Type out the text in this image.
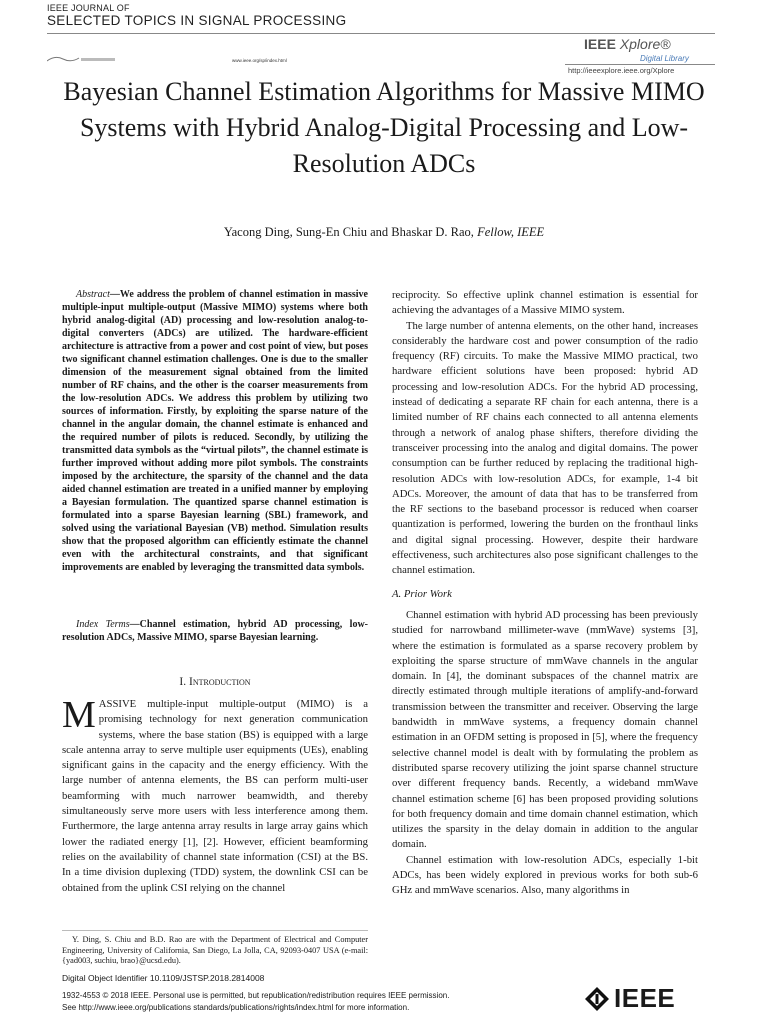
IEEE JOURNAL OF
SELECTED TOPICS IN SIGNAL PROCESSING
www.ieee.org/sp/index.html
IEEE Xplore®
Digital Library
http://ieeexplore.ieee.org/Xplore
Bayesian Channel Estimation Algorithms for Massive MIMO Systems with Hybrid Analog-Digital Processing and Low-Resolution ADCs
Yacong Ding, Sung-En Chiu and Bhaskar D. Rao, Fellow, IEEE
Abstract—We address the problem of channel estimation in massive multiple-input multiple-output (Massive MIMO) systems where both hybrid analog-digital (AD) processing and low-resolution analog-to-digital converters (ADCs) are utilized. The hardware-efficient architecture is attractive from a power and cost point of view, but poses two significant channel estimation challenges. One is due to the smaller dimension of the measurement signal obtained from the limited number of RF chains, and the other is the coarser measurements from the low-resolution ADCs. We address this problem by utilizing two sources of information. Firstly, by exploiting the sparse nature of the channel in the angular domain, the channel estimate is enhanced and the required number of pilots is reduced. Secondly, by utilizing the transmitted data symbols as the “virtual pilots”, the channel estimate is further improved without adding more pilot symbols. The constraints imposed by the architecture, the sparsity of the channel and the data aided channel estimation are treated in a unified manner by employing a Bayesian formulation. The quantized sparse channel estimation is formulated into a sparse Bayesian learning (SBL) framework, and solved using the variational Bayesian (VB) method. Simulation results show that the proposed algorithm can efficiently estimate the channel even with the architectural constraints, and that significant improvements are enabled by leveraging the transmitted data symbols.
Index Terms—Channel estimation, hybrid AD processing, low-resolution ADCs, Massive MIMO, sparse Bayesian learning.
I. Introduction
MASSIVE multiple-input multiple-output (MIMO) is a promising technology for next generation communication systems, where the base station (BS) is equipped with a large scale antenna array to serve multiple user equipments (UEs), enabling significant gains in the capacity and the energy efficiency. With the large number of antenna elements, the BS can perform multi-user beamforming with much narrower beamwidth, and thereby simultaneously serve more users with less interference among them. Furthermore, the large antenna array results in large array gains which lower the radiated energy [1], [2]. However, efficient beamforming relies on the availability of channel state information (CSI) at the BS. In a time division duplexing (TDD) system, the downlink CSI can be obtained from the uplink CSI relying on the channel
Y. Ding, S. Chiu and B.D. Rao are with the Department of Electrical and Computer Engineering, University of California, San Diego, La Jolla, CA, 92093-0407 USA (e-mail: {yad003, suchiu, brao}@ucsd.edu).
Digital Object Identifier 10.1109/JSTSP.2018.2814008
1932-4553 © 2018 IEEE. Personal use is permitted, but republication/redistribution requires IEEE permission.
See http://www.ieee.org/publications standards/publications/rights/index.html for more information.

reciprocity. So effective uplink channel estimation is essential for achieving the advantages of a Massive MIMO system.

The large number of antenna elements, on the other hand, increases considerably the hardware cost and power consumption of the radio frequency (RF) circuits. To make the Massive MIMO practical, two hardware efficient solutions have been proposed: hybrid AD processing and low-resolution ADCs. For the hybrid AD processing, instead of dedicating a separate RF chain for each antenna, there is a limited number of RF chains each connected to all antenna elements through a network of analog phase shifters, therefore dividing the transceiver processing into the analog and digital domains. The power consumption can be further reduced by replacing the traditional high-resolution ADCs with low-resolution ADCs, for example, 1-4 bit ADCs. Moreover, the amount of data that has to be transferred from the RF sections to the baseband processor is reduced when coarser quantization is performed, lowering the burden on the fronthaul links and digital signal processing. However, despite their hardware effectiveness, such architectures also pose significant challenges to the channel estimation.

A. Prior Work

Channel estimation with hybrid AD processing has been previously studied for narrowband millimeter-wave (mmWave) systems [3], where the estimation is formulated as a sparse recovery problem by exploiting the sparse structure of mmWave channels in the angular domain. In [4], the dominant subspaces of the channel matrix are directly estimated through multiple iterations of amplify-and-forward transmission between the transmitter and receiver. Observing the large bandwidth in mmWave systems, a frequency domain channel estimation in an OFDM setting is proposed in [5], where the frequency selective channel model is dealt with by formulating the problem as distributed sparse recovery utilizing the joint sparse channel structure over different frequency bands. Recently, a wideband mmWave channel estimation scheme [6] has been proposed providing solutions for both frequency domain and time domain channel estimation, which utilizes the sparsity in the delay domain in addition to the angular domain.

Channel estimation with low-resolution ADCs, especially 1-bit ADCs, has been widely explored in previous works for both sub-6 GHz and mmWave scenarios. Also, many algorithms in

IEEE
